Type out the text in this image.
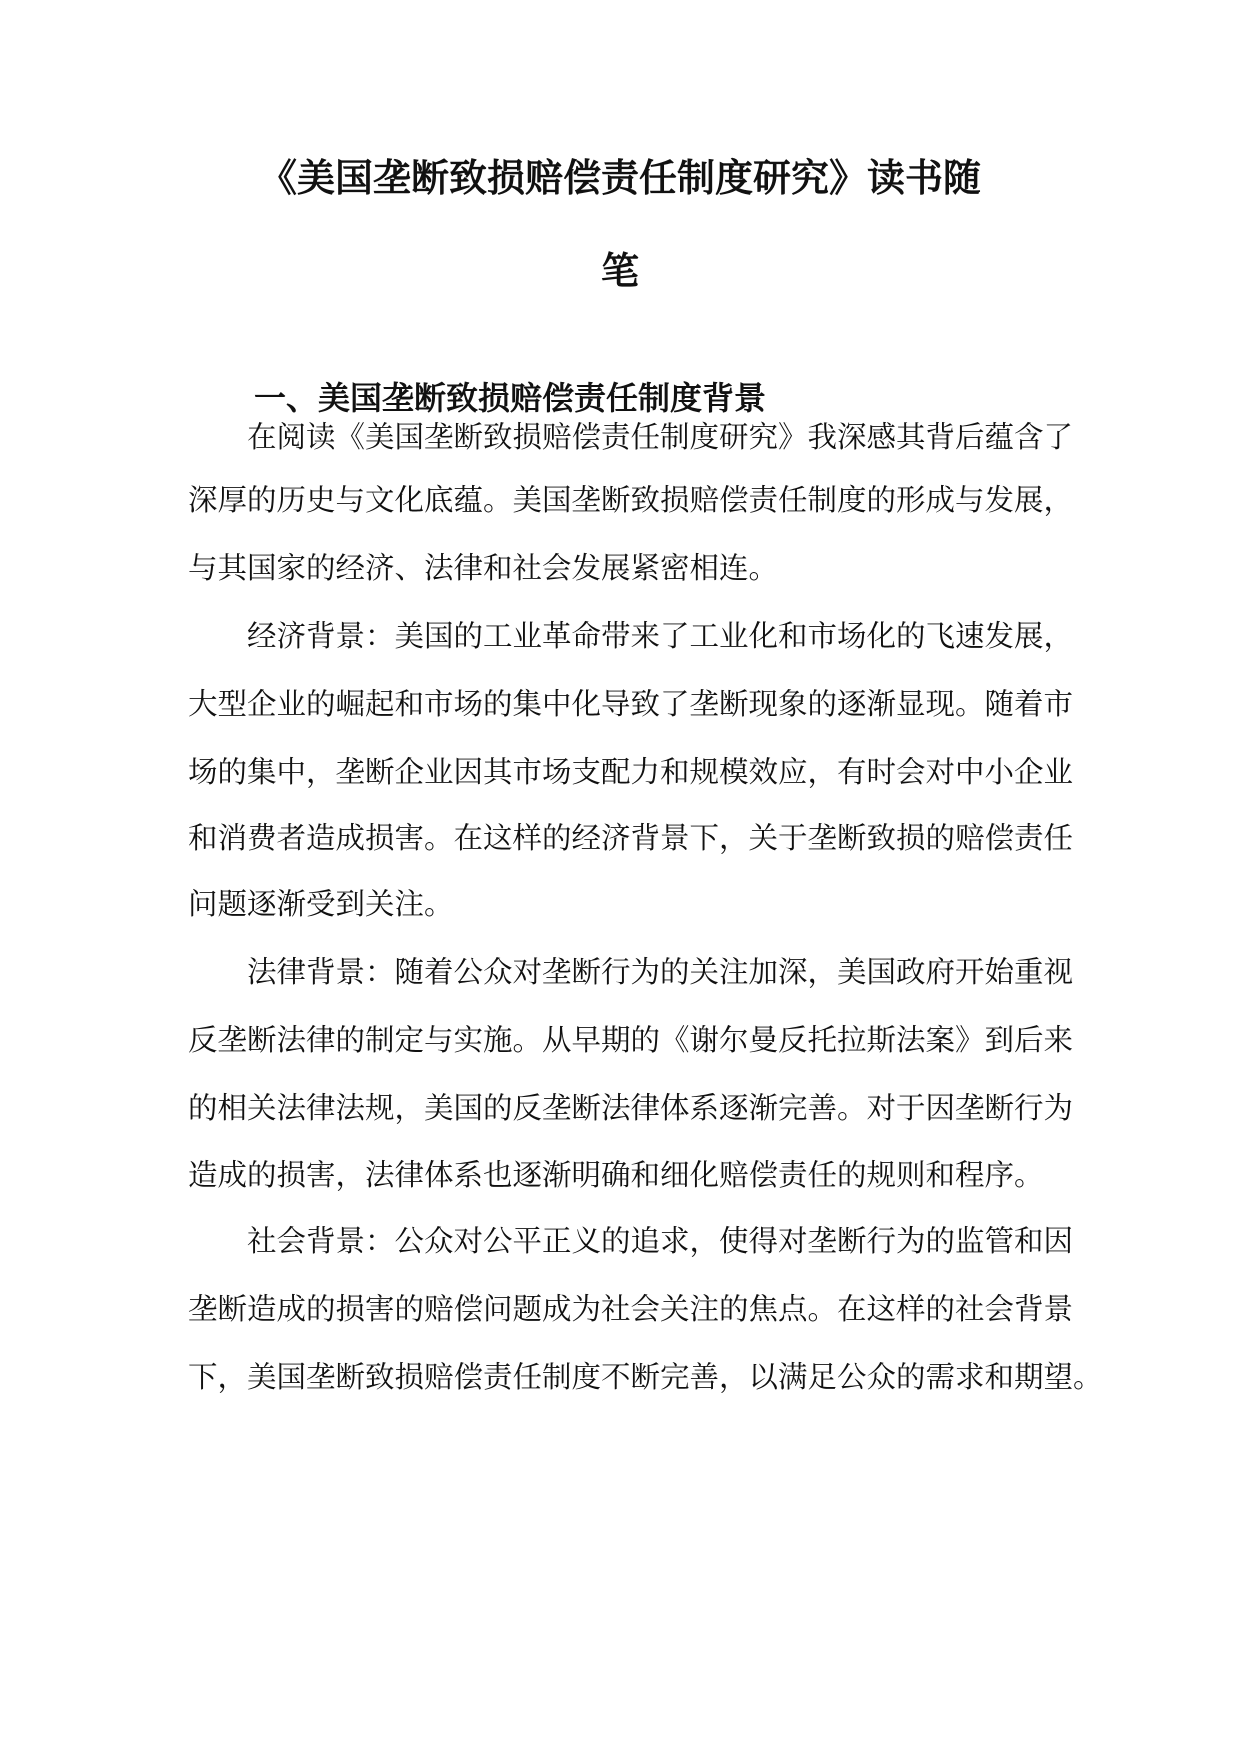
《美国垄断致损赔偿责任制度研究》读书随
笔
一、美国垄断致损赔偿责任制度背景
在阅读《美国垄断致损赔偿责任制度研究》我深感其背后蕴含了
深厚的历史与文化底蕴。美国垄断致损赔偿责任制度的形成与发展，
与其国家的经济、法律和社会发展紧密相连。
经济背景：美国的工业革命带来了工业化和市场化的飞速发展，
大型企业的崛起和市场的集中化导致了垄断现象的逐渐显现。随着市
场的集中，垄断企业因其市场支配力和规模效应，有时会对中小企业
和消费者造成损害。在这样的经济背景下，关于垄断致损的赔偿责任
问题逐渐受到关注。
法律背景：随着公众对垄断行为的关注加深，美国政府开始重视
反垄断法律的制定与实施。从早期的《谢尔曼反托拉斯法案》到后来
的相关法律法规，美国的反垄断法律体系逐渐完善。对于因垄断行为
造成的损害，法律体系也逐渐明确和细化赔偿责任的规则和程序。
社会背景：公众对公平正义的追求，使得对垄断行为的监管和因
垄断造成的损害的赔偿问题成为社会关注的焦点。在这样的社会背景
下，美国垄断致损赔偿责任制度不断完善，以满足公众的需求和期望。
